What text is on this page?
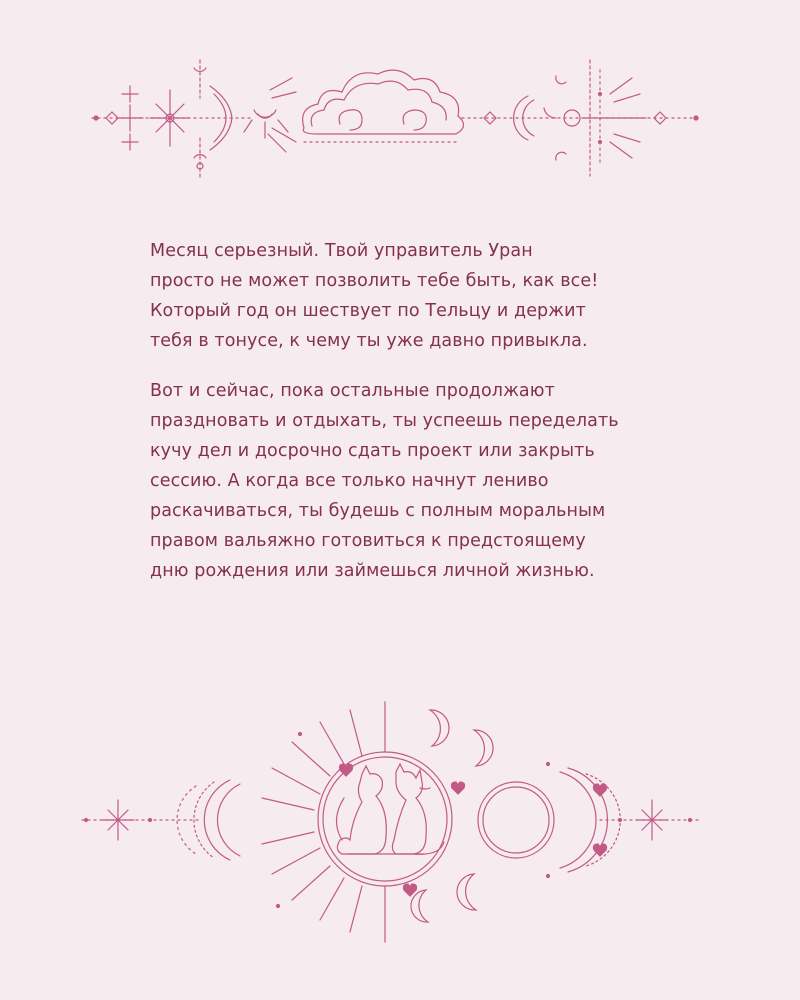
Месяц серьезный. Твой управитель Уран
просто не может позволить тебе быть, как все!
Который год он шествует по Тельцу и держит
тебя в тонусе, к чему ты уже давно привыкла.

Вот и сейчас, пока остальные продолжают
праздновать и отдыхать, ты успеешь переделать
кучу дел и досрочно сдать проект или закрыть
сессию. А когда все только начнут лениво
раскачиваться, ты будешь с полным моральным
правом вальяжно готовиться к предстоящему
дню рождения или займешься личной жизнью.
